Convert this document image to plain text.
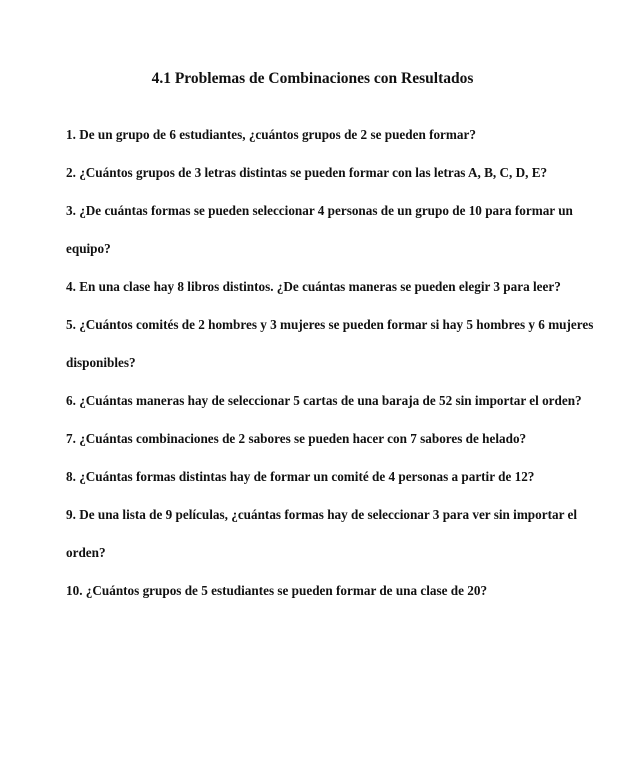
4.1 Problemas de Combinaciones con Resultados
1. De un grupo de 6 estudiantes, ¿cuántos grupos de 2 se pueden formar?
2. ¿Cuántos grupos de 3 letras distintas se pueden formar con las letras A, B, C, D, E?
3. ¿De cuántas formas se pueden seleccionar 4 personas de un grupo de 10 para formar un equipo?
4. En una clase hay 8 libros distintos. ¿De cuántas maneras se pueden elegir 3 para leer?
5. ¿Cuántos comités de 2 hombres y 3 mujeres se pueden formar si hay 5 hombres y 6 mujeres disponibles?
6. ¿Cuántas maneras hay de seleccionar 5 cartas de una baraja de 52 sin importar el orden?
7. ¿Cuántas combinaciones de 2 sabores se pueden hacer con 7 sabores de helado?
8. ¿Cuántas formas distintas hay de formar un comité de 4 personas a partir de 12?
9. De una lista de 9 películas, ¿cuántas formas hay de seleccionar 3 para ver sin importar el orden?
10. ¿Cuántos grupos de 5 estudiantes se pueden formar de una clase de 20?
